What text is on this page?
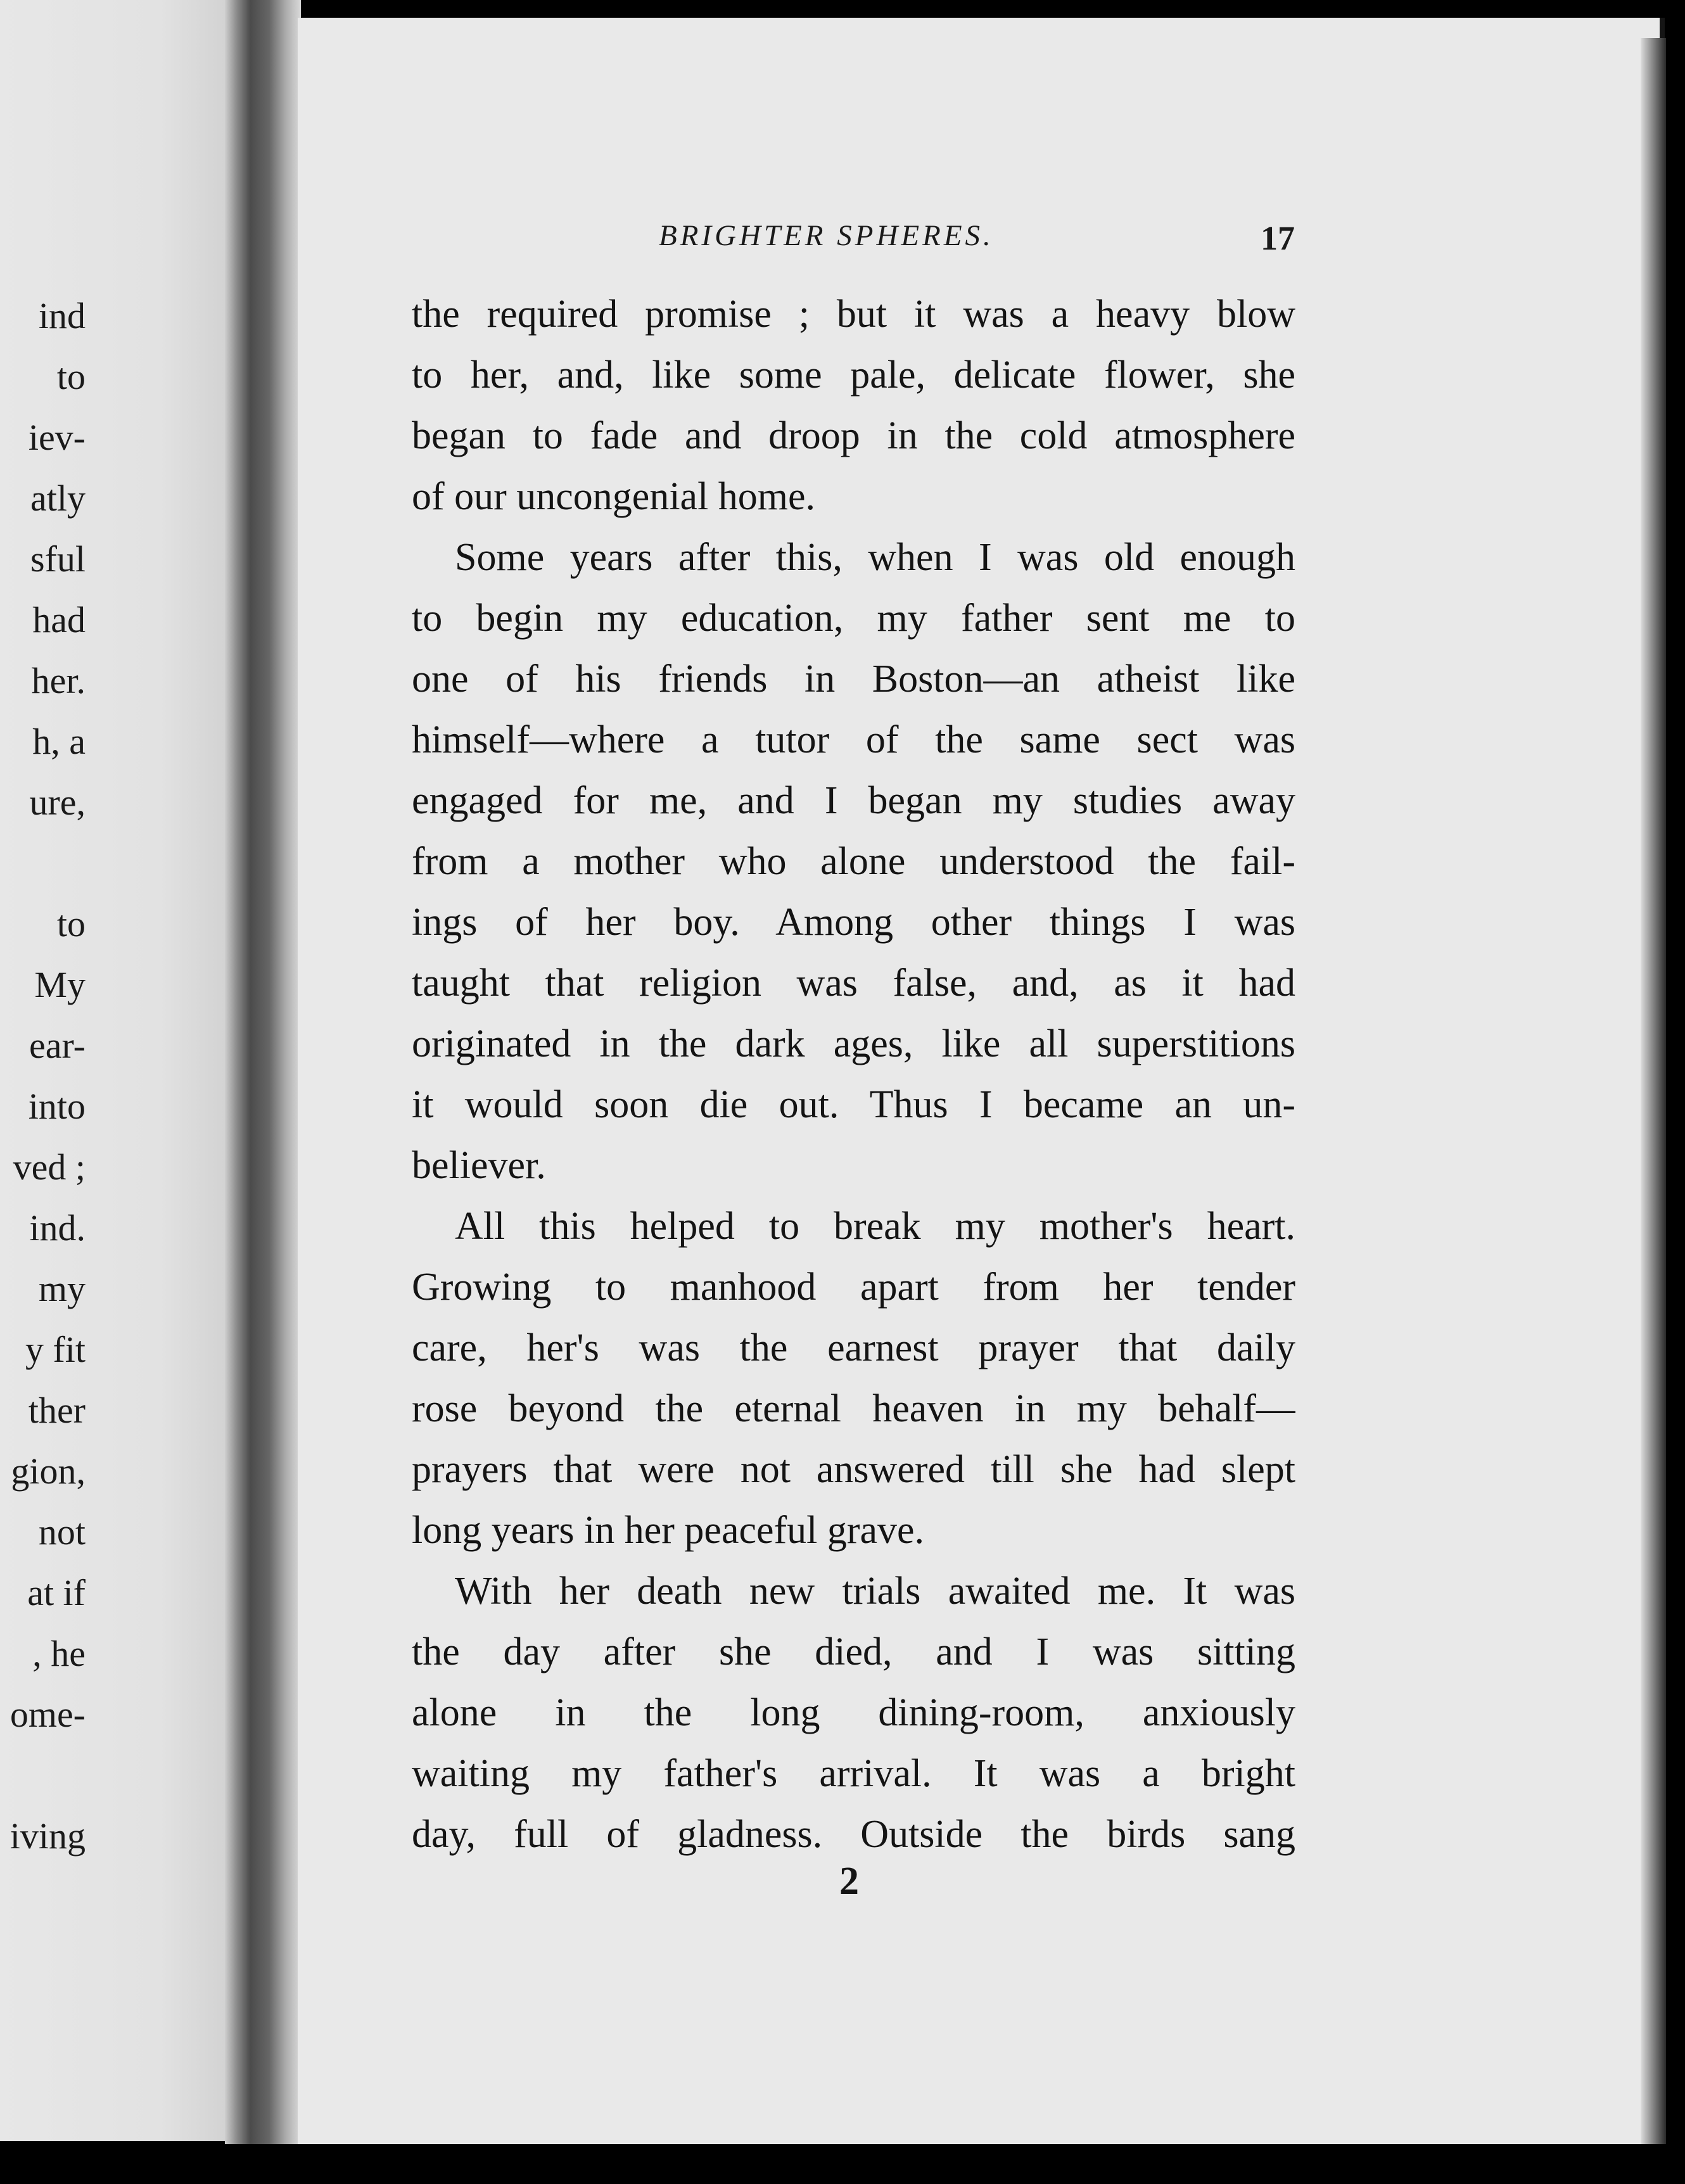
ind
to
iev-
atly
sful
had
her.
h, a
ure,
to
My
ear-
into
ved ;
ind.
my
y fit
ther
gion,
not
at if
, he
ome-
iving
BRIGHTER SPHERES.	17
the required promise ; but it was a heavy blow
to her, and, like some pale, delicate flower, she
began to fade and droop in the cold atmosphere
of our uncongenial home.
Some years after this, when I was old enough
to begin my education, my father sent me to
one of his friends in Boston—an atheist like
himself—where a tutor of the same sect was
engaged for me, and I began my studies away
from a mother who alone understood the fail-
ings of her boy. Among other things I was
taught that religion was false, and, as it had
originated in the dark ages, like all superstitions
it would soon die out. Thus I became an un-
believer.
All this helped to break my mother's heart.
Growing to manhood apart from her tender
care, her's was the earnest prayer that daily
rose beyond the eternal heaven in my behalf—
prayers that were not answered till she had slept
long years in her peaceful grave.
With her death new trials awaited me. It was
the day after she died, and I was sitting
alone in the long dining-room, anxiously
waiting my father's arrival. It was a bright
day, full of gladness. Outside the birds sang
2
